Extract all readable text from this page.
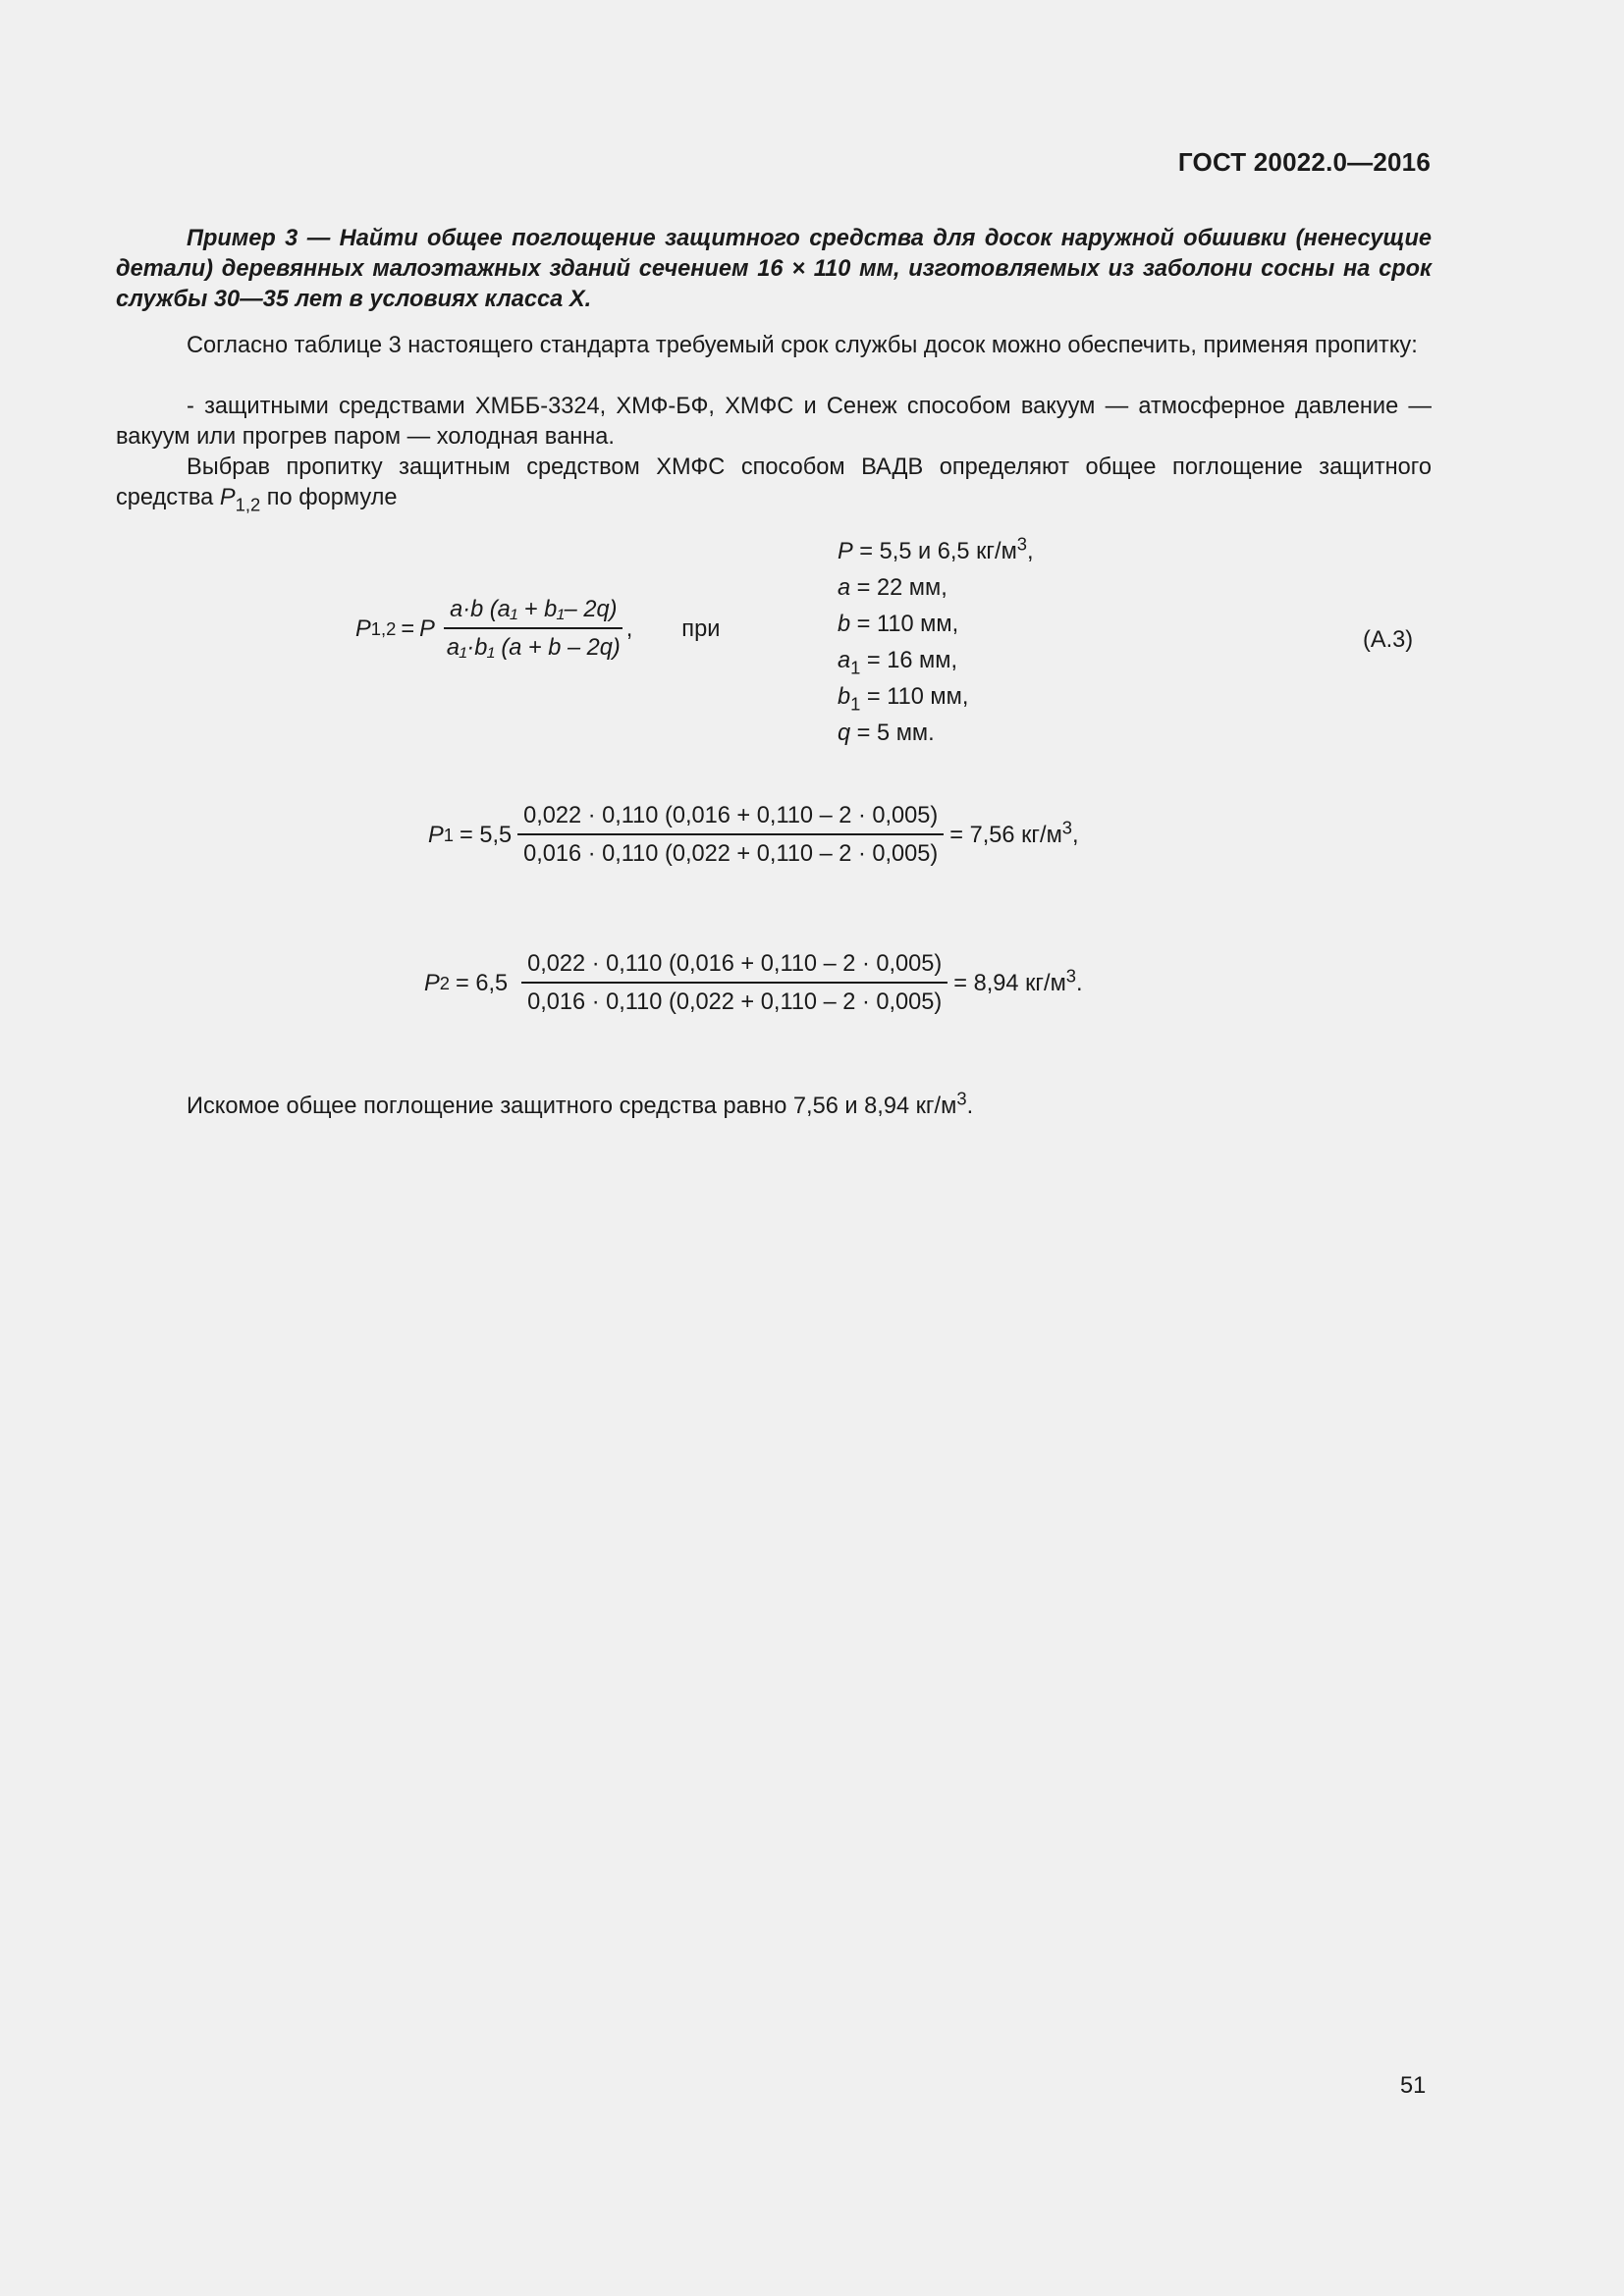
ГОСТ 20022.0—2016
Пример 3 — Найти общее поглощение защитного средства для досок наружной обшивки (ненесущие детали) деревянных малоэтажных зданий сечением 16 × 110 мм, изготовляемых из заболони сосны на срок службы 30—35 лет в условиях класса X.
Согласно таблице 3 настоящего стандарта требуемый срок службы досок можно обеспечить, применяя пропитку:
- защитными средствами ХМББ-3324, ХМФ-БФ, ХМФС и Сенеж способом вакуум — атмосферное давление — вакуум или прогрев паром — холодная ванна.
Выбрав пропитку защитным средством ХМФС способом ВАДВ определяют общее поглощение защитного средства $P_{1,2}$ по формуле
P 1,2 = P $\frac{\text{a·b (a₁ + b₁– 2q)}}{\text{a₁·b₁ (a + b – 2q)}}$ , при
P = 5,5 и 6,5 $кг/м^3$,
a = 22 мм,
b = 110 мм,
$a_1 = 16$ мм,
$b_1 = 110$ мм,
q = 5 мм.
(А.3)
P $1 = 5,5 \frac{0,022 \cdot 0,110 (0,016 + 0,110 - 2 \cdot 0,005)}{0,016 \cdot 0,110 (0,022 + 0,110 - 2 \cdot 0,005)} = 7,56$ $кг/м^3$,
P $2 = 6,5 \frac{0,022 \cdot 0,110 (0,016 + 0,110 - 2 \cdot 0,005)}{0,016 \cdot 0,110 (0,022 + 0,110 - 2 \cdot 0,005)} = 8,94$ $кг/м^3$.
Искомое общее поглощение защитного средства равно 7,56 и 8,94 $кг/м^3$.
51
